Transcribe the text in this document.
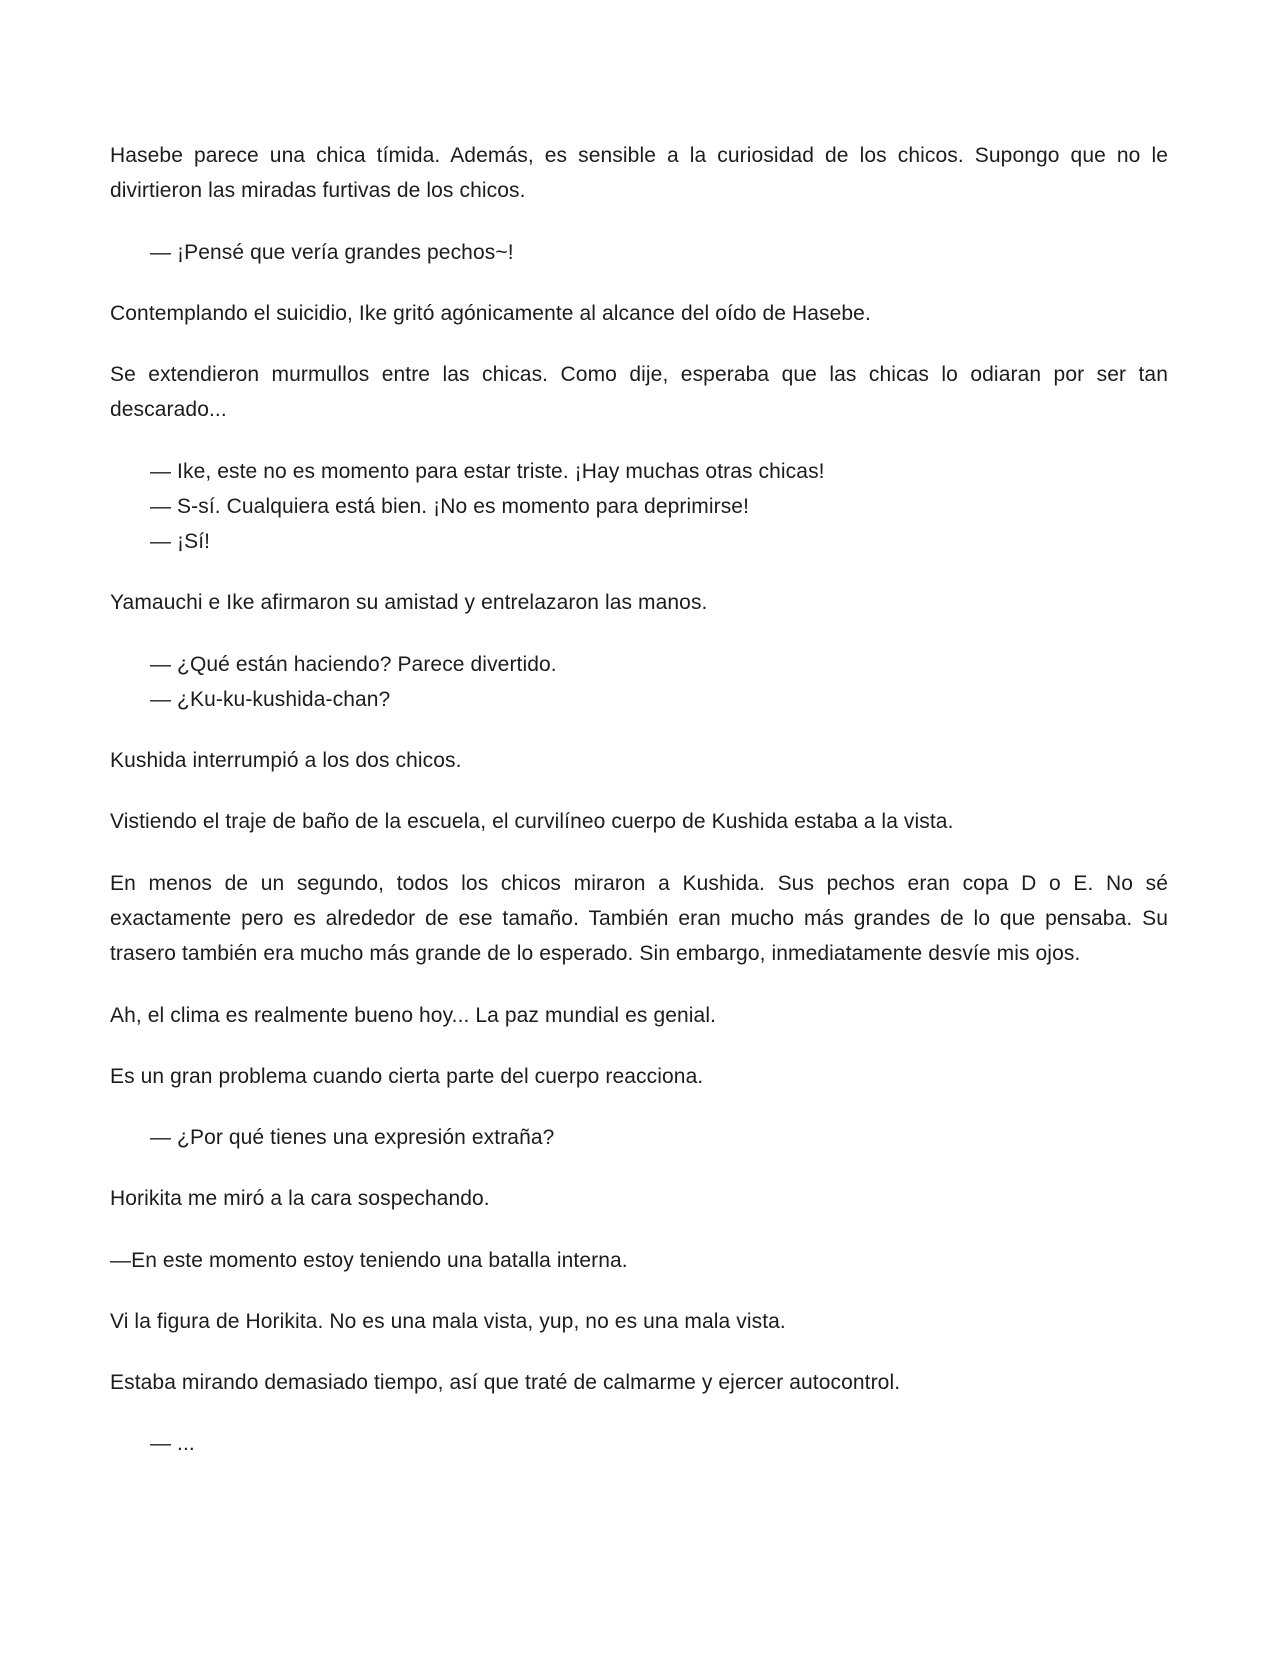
Hasebe parece una chica tímida. Además, es sensible a la curiosidad de los chicos. Supongo que no le divirtieron las miradas furtivas de los chicos.

— ¡Pensé que vería grandes pechos~!

Contemplando el suicidio, Ike gritó agónicamente al alcance del oído de Hasebe.

Se extendieron murmullos entre las chicas. Como dije, esperaba que las chicas lo odiaran por ser tan descarado...

— Ike, este no es momento para estar triste. ¡Hay muchas otras chicas!

— S-sí. Cualquiera está bien. ¡No es momento para deprimirse!

— ¡Sí!

Yamauchi e Ike afirmaron su amistad y entrelazaron las manos.

— ¿Qué están haciendo? Parece divertido.

— ¿Ku-ku-kushida-chan?

Kushida interrumpió a los dos chicos.

Vistiendo el traje de baño de la escuela, el curvilíneo cuerpo de Kushida estaba a la vista.

En menos de un segundo, todos los chicos miraron a Kushida. Sus pechos eran copa D o E. No sé exactamente pero es alrededor de ese tamaño. También eran mucho más grandes de lo que pensaba. Su trasero también era mucho más grande de lo esperado. Sin embargo, inmediatamente desvíe mis ojos.

Ah, el clima es realmente bueno hoy... La paz mundial es genial.

Es un gran problema cuando cierta parte del cuerpo reacciona.

— ¿Por qué tienes una expresión extraña?

Horikita me miró a la cara sospechando.

—En este momento estoy teniendo una batalla interna.

Vi la figura de Horikita. No es una mala vista, yup, no es una mala vista.

Estaba mirando demasiado tiempo, así que traté de calmarme y ejercer autocontrol.

— ...
